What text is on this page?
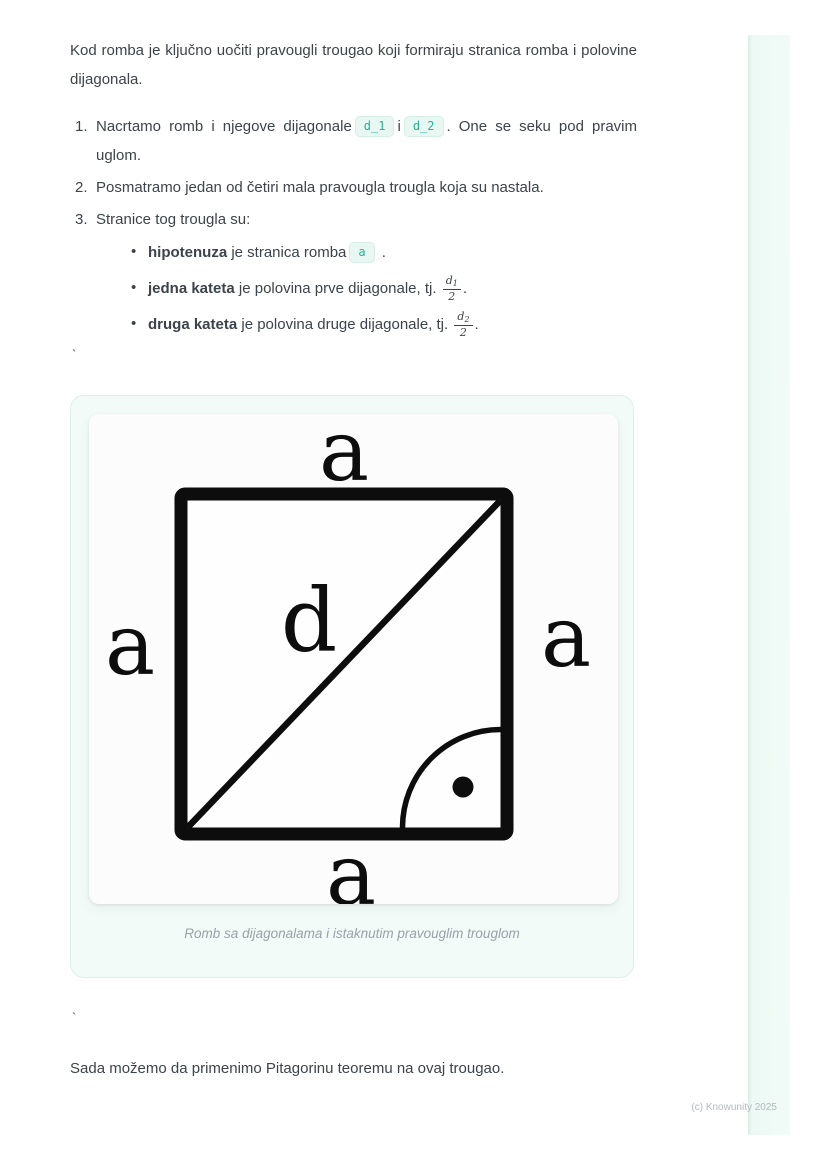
Kod romba je ključno uočiti pravougli trougao koji formiraju stranica romba i polovine dijagonala.

1. Nacrtamo romb i njegove dijagonale d_1 i d_2 . One se seku pod pravim uglom.
2. Posmatramo jedan od četiri mala pravougla trougla koja su nastala.
3. Stranice tog trougla su:
• hipotenuza je stranica romba a .
• jedna kateta je polovina prve dijagonale, tj. $\frac{d_1}{2}$ .
• druga kateta je polovina druge dijagonale, tj. $\frac{d_2}{2}$ .
`
a
a	a
a
d
Romb sa dijagonalama i istaknutim pravouglim trouglom
`

Sada možemo da primenimo Pitagorinu teoremu na ovaj trougao.

(c) Knowunity 2025
